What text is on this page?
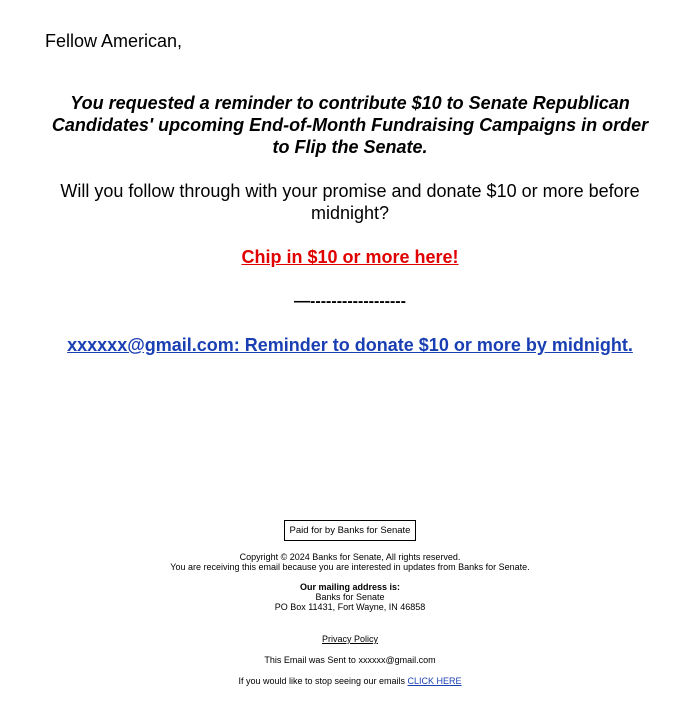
Fellow American,

You requested a reminder to contribute $10 to Senate Republican Candidates' upcoming End-of-Month Fundraising Campaigns in order to Flip the Senate.

Will you follow through with your promise and donate $10 or more before midnight?

Chip in $10 or more here!

—------------------

xxxxxx@gmail.com: Reminder to donate $10 or more by midnight.

Paid for by Banks for Senate

Copyright © 2024 Banks for Senate, All rights reserved.

You are receiving this email because you are interested in updates from Banks for Senate.

Our mailing address is:

Banks for Senate

PO Box 11431, Fort Wayne, IN 46858

Privacy Policy

This Email was Sent to xxxxxx@gmail.com

If you would like to stop seeing our emails CLICK HERE
